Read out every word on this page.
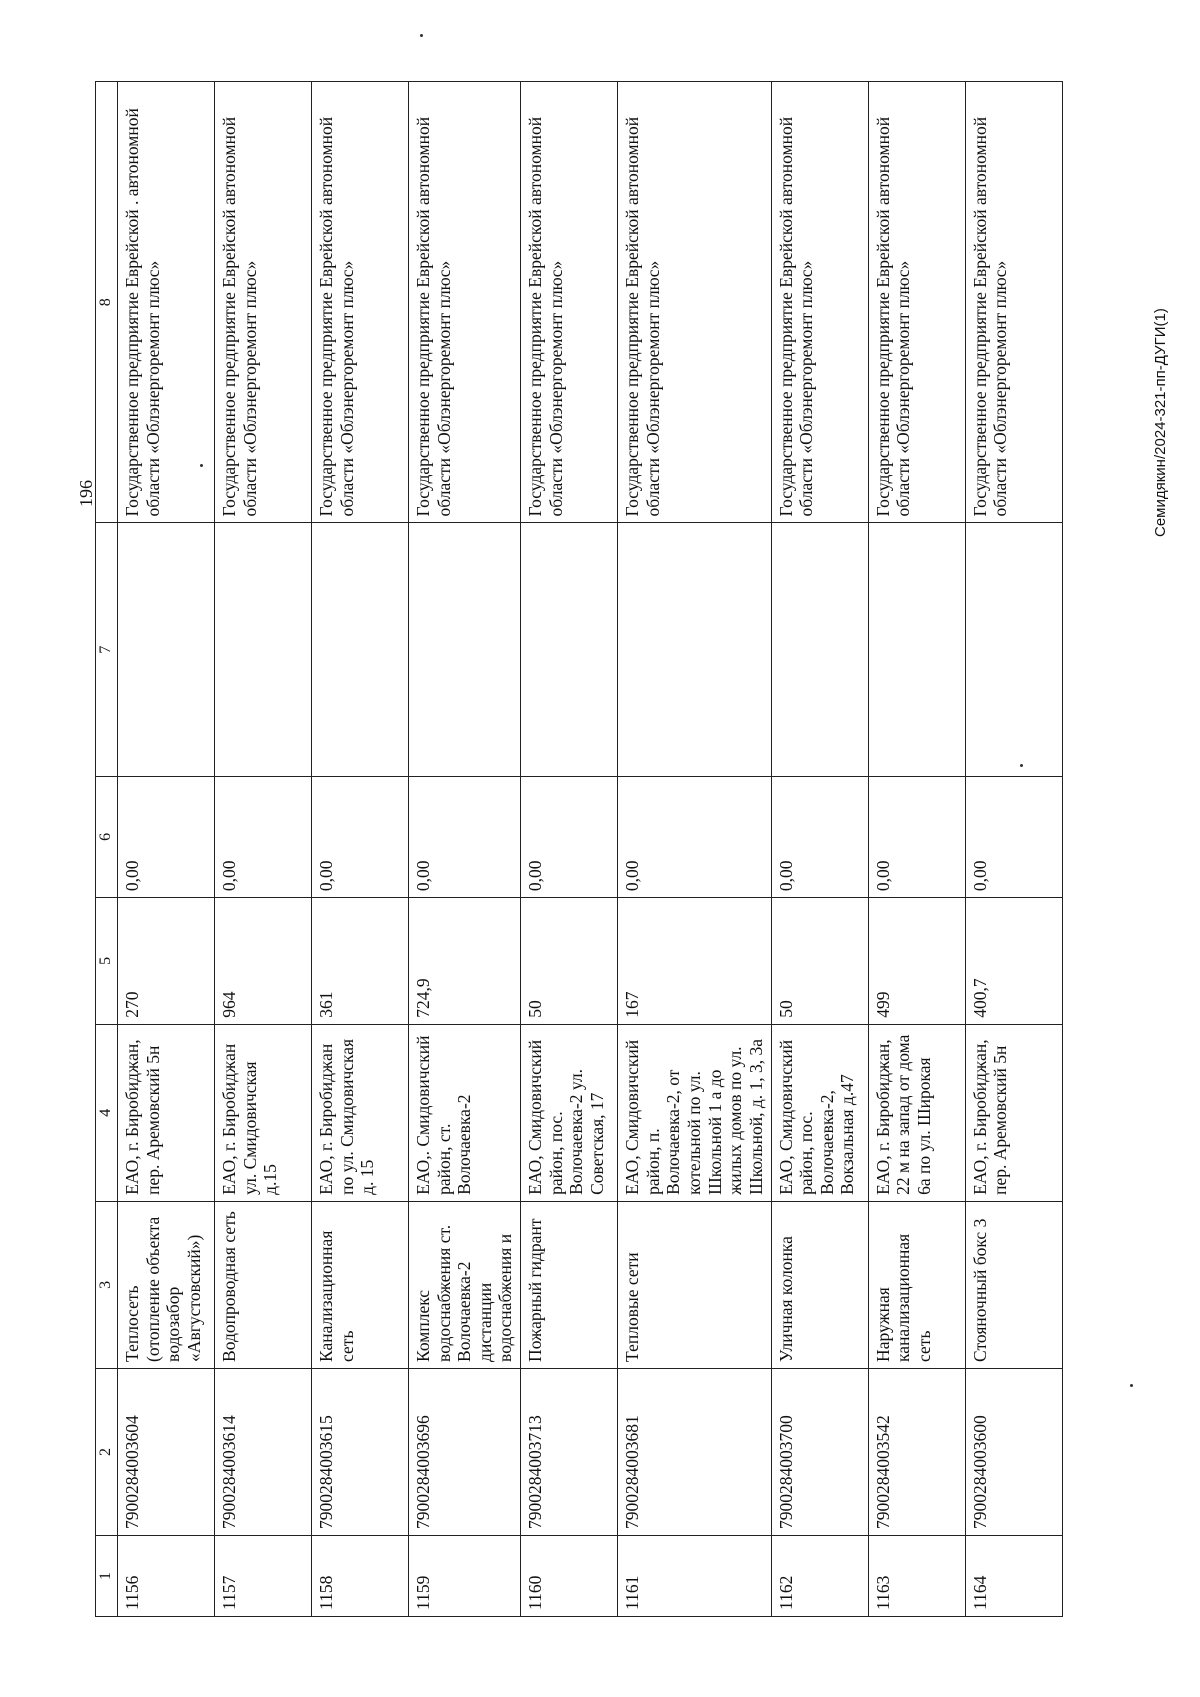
196
1	2	3	4	5	6	7	8
1156	7900284003604	Теплосеть (отопление объекта водозабор «Августовский»)	ЕАО, г. Биробиджан, пер. Аремовский 5н	270	0,00		Государственное предприятие Еврейской . автономной области «Облэнергоремонт плюс»
1157	7900284003614	Водопроводная сеть	ЕАО, г. Биробиджан ул. Смидовичская д.15	964	0,00		Государственное предприятие Еврейской автономной области «Облэнергоремонт плюс»
1158	7900284003615	Канализационная сеть	ЕАО, г. Биробиджан по ул. Смидовичская д. 15	361	0,00		Государственное предприятие Еврейской автономной области «Облэнергоремонт плюс»
1159	7900284003696	Комплекс водоснабжения ст. Волочаевка-2 дистанции водоснабжения и	ЕАО,. Смидовичский район, ст. Волочаевка-2	724,9	0,00		Государственное предприятие Еврейской автономной области «Облэнергоремонт плюс»
1160	7900284003713	Пожарный гидрант	ЕАО, Смидовичский район, пос. Волочаевка-2 ул. Советская, 17	50	0,00		Государственное предприятие Еврейской автономной области «Облэнергоремонт плюс»
1161	7900284003681	Тепловые сети	ЕАО, Смидовичский район, п. Волочаевка-2, от котельной по ул. Школьной 1 а до жилых домов по ул. Школьной, д. 1, 3, 3а	167	0,00		Государственное предприятие Еврейской автономной области «Облэнергоремонт плюс»
1162	7900284003700	Уличная колонка	ЕАО, Смидовичский район, пос. Волочаевка-2, Вокзальная д.47	50	0,00		Государственное предприятие Еврейской автономной области «Облэнергоремонт плюс»
1163	7900284003542	Наружная канализационная сеть	ЕАО, г. Биробиджан, 22 м на запад от дома 6а по ул. Широкая	499	0,00		Государственное предприятие Еврейской автономной области «Облэнергоремонт плюс»
1164	7900284003600	Стояночный бокс 3	ЕАО, г. Биробиджан, пер. Аремовский 5н	400,7	0,00		Государственное предприятие Еврейской автономной области «Облэнергоремонт плюс»	Семидякин/2024-321-пп-ДУГИ(1)
